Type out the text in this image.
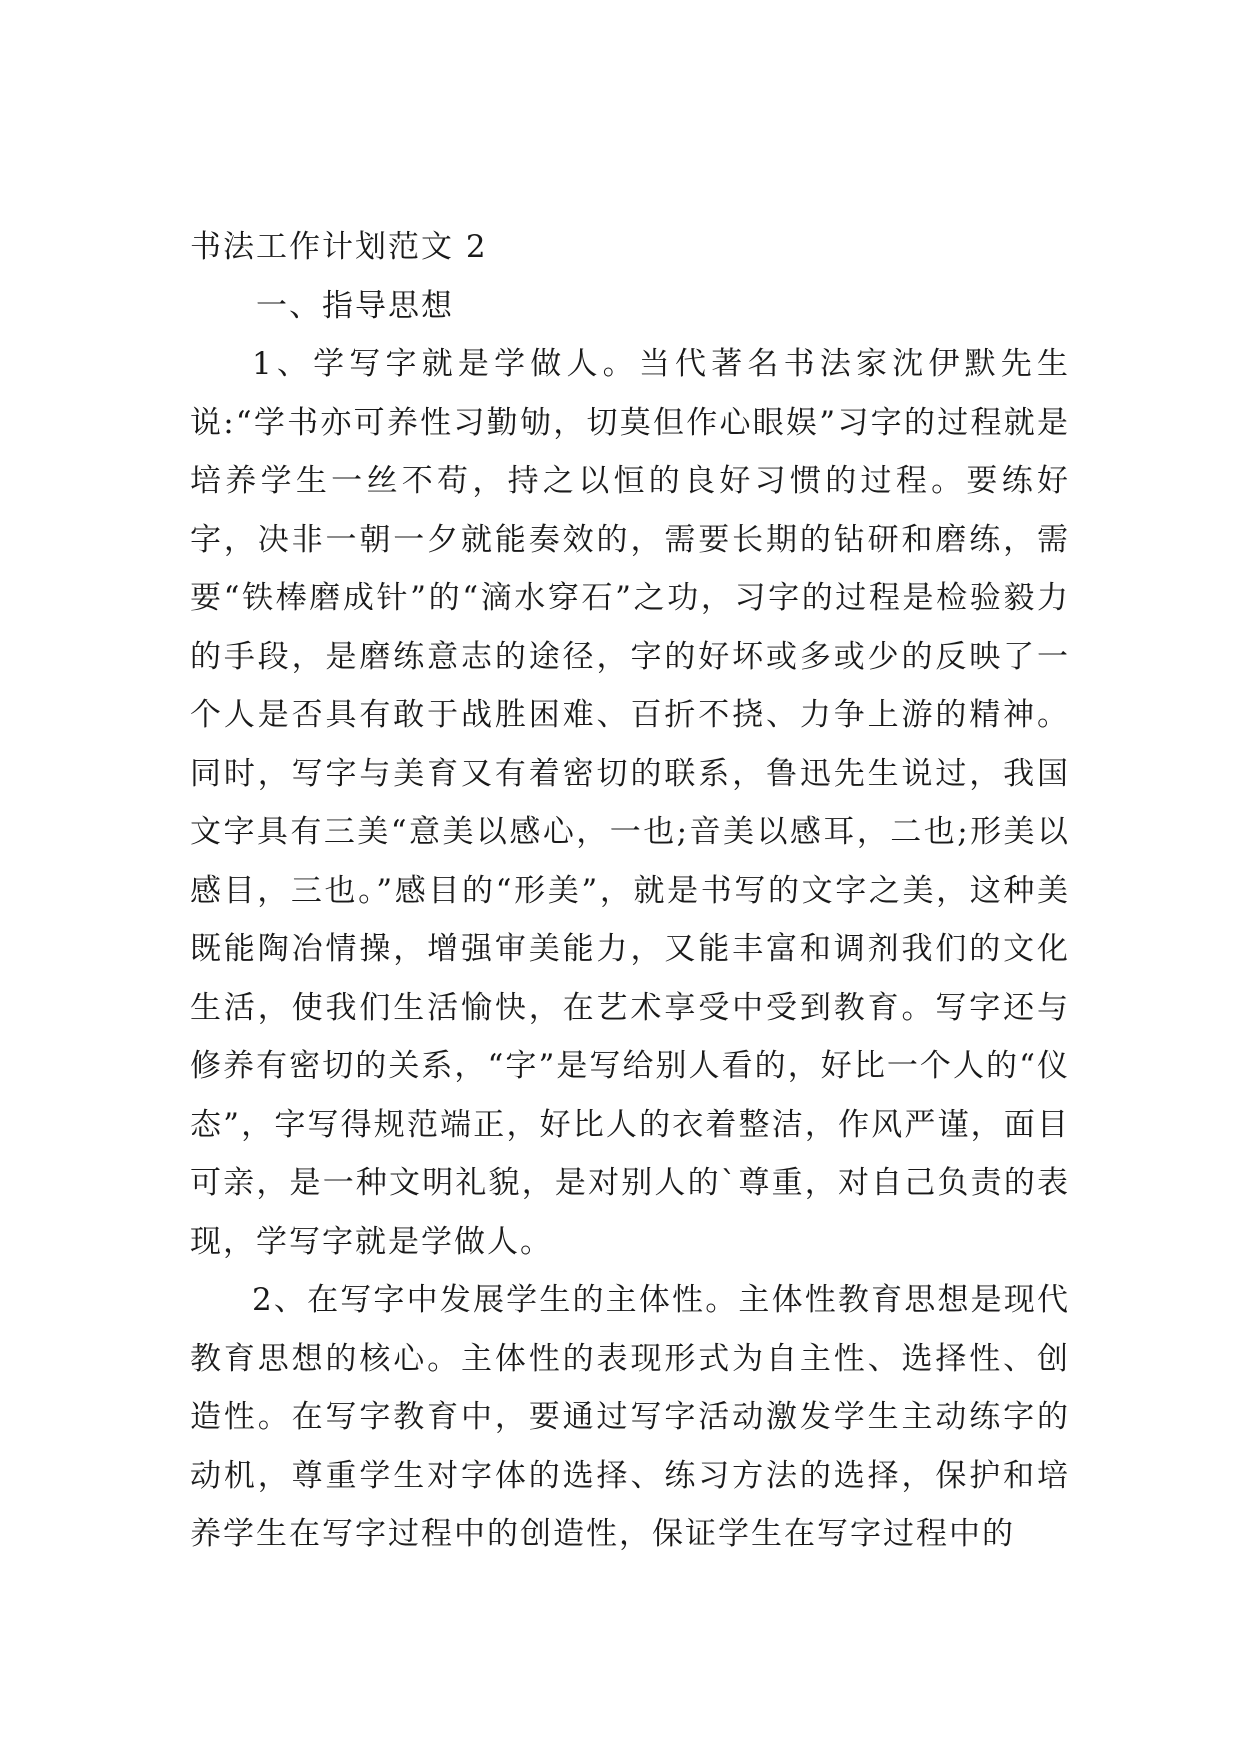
书法工作计划范文 2
一、指导思想

1、学写字就是学做人。当代著名书法家沈伊默先生说:“学书亦可养性习勤劬，切莫但作心眼娱”习字的过程就是培养学生一丝不苟，持之以恒的良好习惯的过程。要练好字，决非一朝一夕就能奏效的，需要长期的钻研和磨练，需要“铁棒磨成针”的“滴水穿石”之功，习字的过程是检验毅力的手段，是磨练意志的途径，字的好坏或多或少的反映了一个人是否具有敢于战胜困难、百折不挠、力争上游的精神。同时，写字与美育又有着密切的联系，鲁迅先生说过，我国文字具有三美“意美以感心，一也;音美以感耳，二也;形美以感目，三也。”感目的“形美”，就是书写的文字之美，这种美既能陶冶情操，增强审美能力，又能丰富和调剂我们的文化生活，使我们生活愉快，在艺术享受中受到教育。写字还与修养有密切的关系，“字”是写给别人看的，好比一个人的“仪态”，字写得规范端正，好比人的衣着整洁，作风严谨，面目可亲，是一种文明礼貌，是对别人的`尊重，对自己负责的表现，学写字就是学做人。

2、在写字中发展学生的主体性。主体性教育思想是现代教育思想的核心。主体性的表现形式为自主性、选择性、创造性。在写字教育中，要通过写字活动激发学生主动练字的动机，尊重学生对字体的选择、练习方法的选择，保护和培养学生在写字过程中的创造性，保证学生在写字过程中的
